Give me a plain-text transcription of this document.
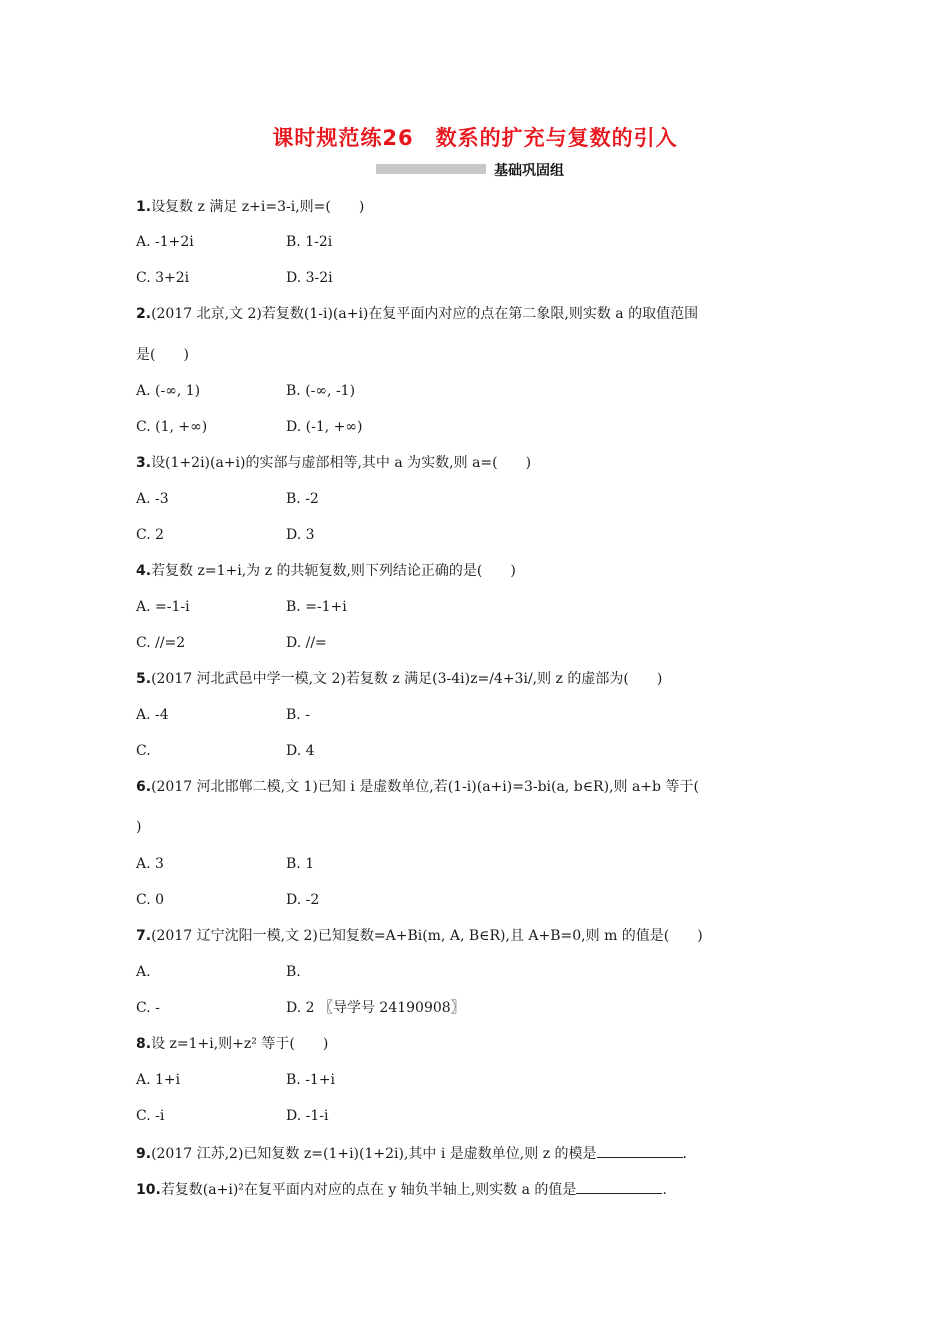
课时规范练26　数系的扩充与复数的引入
基础巩固组
1.设复数 z 满足 z+i=3-i,则=(　　)
A. -1+2i	B. 1-2i
C. 3+2i	D. 3-2i
2.(2017 北京,文 2)若复数(1-i)(a+i)在复平面内对应的点在第二象限,则实数 a 的取值范围
是(　　)
A. (-∞, 1)	B. (-∞, -1)
C. (1, +∞)	D. (-1, +∞)
3.设(1+2i)(a+i)的实部与虚部相等,其中 a 为实数,则 a=(　　)
A. -3	B. -2
C. 2	D. 3
4.若复数 z=1+i,为 z 的共轭复数,则下列结论正确的是(　　)
A. =-1-i	B. =-1+i
C. //=2	D. //=
5.(2017 河北武邑中学一模,文 2)若复数 z 满足(3-4i)z=/4+3i/,则 z 的虚部为(　　)
A. -4	B. -
C.	D. 4
6.(2017 河北邯郸二模,文 1)已知 i 是虚数单位,若(1-i)(a+i)=3-bi(a, b∈R),则 a+b 等于(
)
A. 3	B. 1
C. 0	D. -2
7.(2017 辽宁沈阳一模,文 2)已知复数=A+Bi(m, A, B∈R),且 A+B=0,则 m 的值是(　　)
A.	B.
C. -	D. 2 〖导学号 24190908〗
8.设 z=1+i,则+z² 等于(　　)
A. 1+i	B. -1+i
C. -i	D. -1-i
9.(2017 江苏,2)已知复数 z=(1+i)(1+2i),其中 i 是虚数单位,则 z 的模是	.
10.若复数(a+i)²在复平面内对应的点在 y 轴负半轴上,则实数 a 的值是	.
